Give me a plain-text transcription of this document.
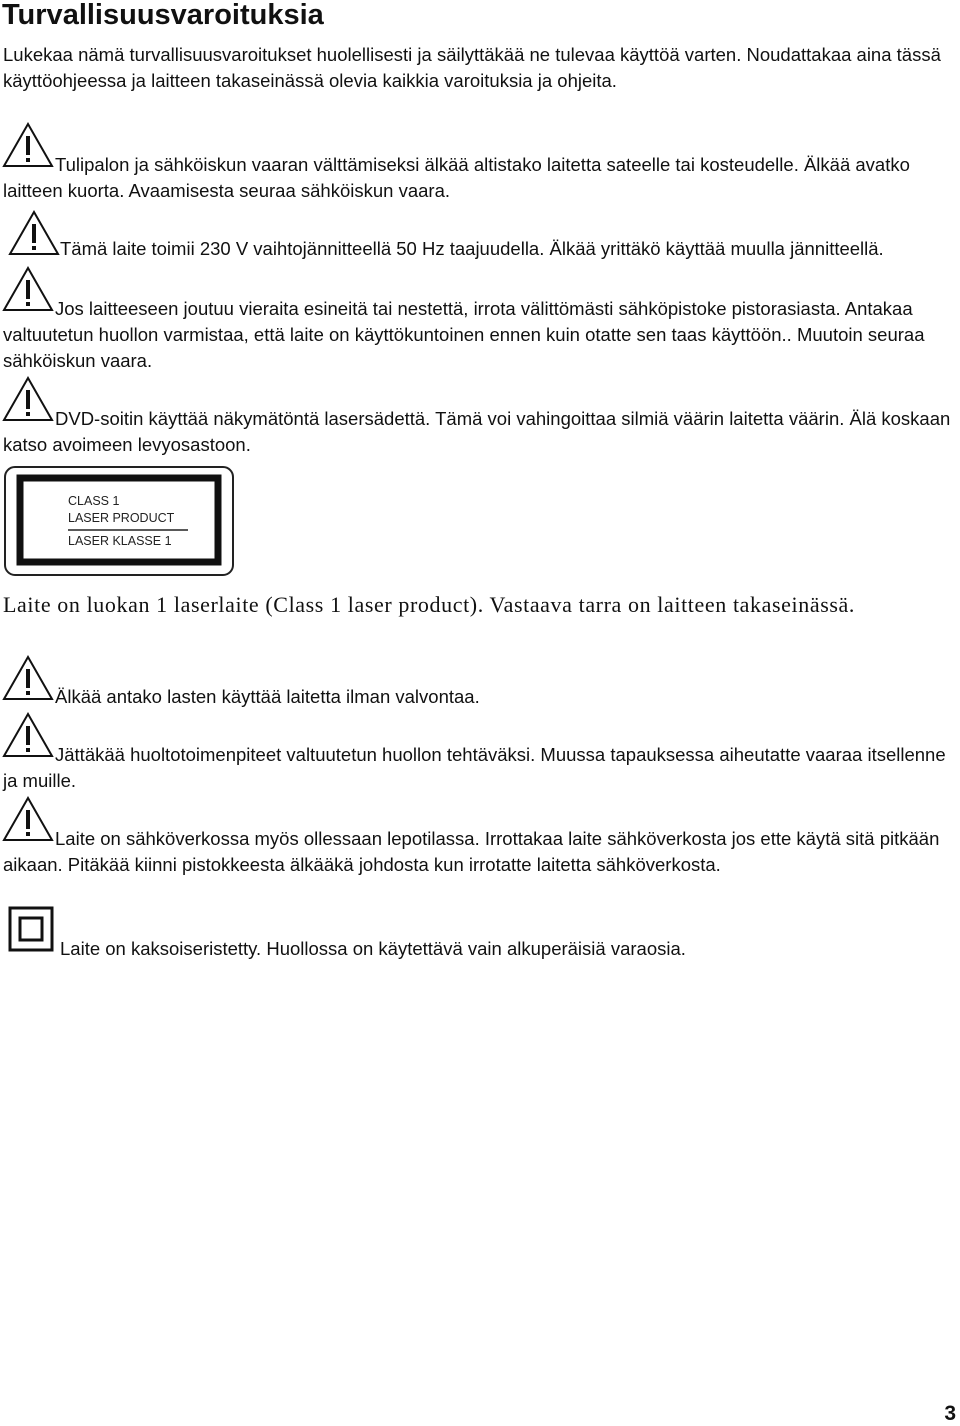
Turvallisuusvaroituksia

Lukekaa nämä turvallisuusvaroitukset huolellisesti ja säilyttäkää ne tulevaa käyttöä varten. Noudattakaa aina tässä käyttöohjeessa ja laitteen takaseinässä olevia kaikkia varoituksia ja ohjeita.

Tulipalon ja sähköiskun vaaran välttämiseksi älkää altistako laitetta sateelle tai kosteudelle. Älkää avatko laitteen kuorta. Avaamisesta seuraa sähköiskun vaara.

Tämä laite toimii 230 V vaihtojännitteellä 50 Hz taajuudella. Älkää yrittäkö käyttää muulla jännitteellä.

Jos laitteeseen joutuu vieraita esineitä tai nestettä, irrota välittömästi sähköpistoke pistorasiasta. Antakaa valtuutetun huollon varmistaa, että laite on käyttökuntoinen ennen kuin otatte sen taas käyttöön.. Muutoin seuraa sähköiskun vaara.

DVD-soitin käyttää näkymätöntä lasersädettä. Tämä voi vahingoittaa silmiä väärin laitetta väärin. Älä koskaan katso avoimeen levyosastoon.

CLASS 1
LASER PRODUCT
LASER KLASSE 1

Laite on luokan 1 laserlaite (Class 1 laser product). Vastaava tarra on laitteen takaseinässä.

Älkää antako lasten käyttää laitetta ilman valvontaa.

Jättäkää huoltotoimenpiteet valtuutetun huollon tehtäväksi. Muussa tapauksessa aiheutatte vaaraa itsellenne ja muille.

Laite on sähköverkossa myös ollessaan lepotilassa. Irrottakaa laite sähköverkosta jos ette käytä sitä pitkään aikaan. Pitäkää kiinni pistokkeesta älkääkä johdosta kun irrotatte laitetta sähköverkosta.

Laite on kaksoiseristetty. Huollossa on käytettävä vain alkuperäisiä varaosia.

3
